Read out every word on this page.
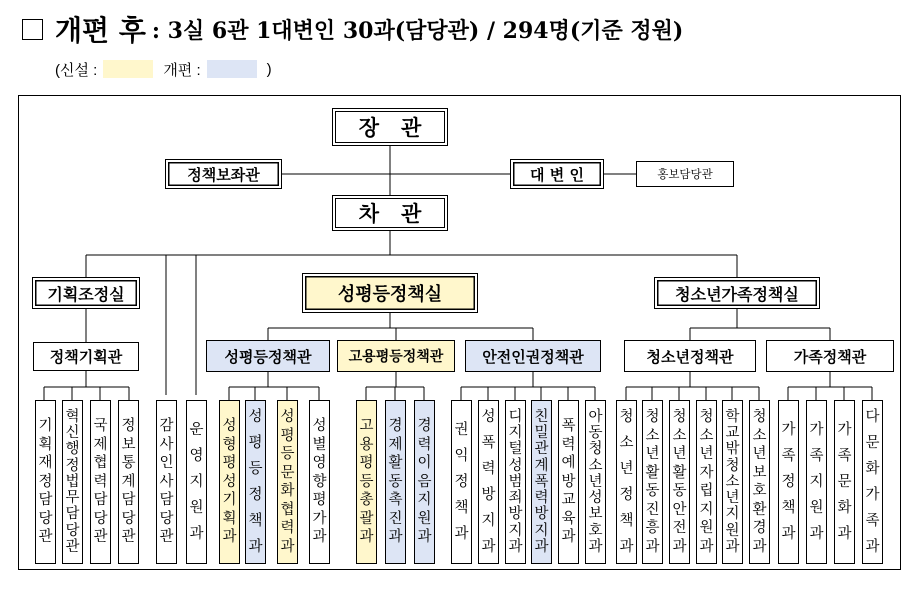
개편 후 : 3실 6관 1대변인 30과(담당관) / 294명(기준 정원)
(신설 :	개편 :	)
장   관
정책보좌관	대 변 인	홍보담당관
차   관
기획조정실	성평등정책실	청소년가족정책실
정책기획관	성평등정책관	고용평등정책관	안전인권정책관	청소년정책관	가족정책관
기
획
재
정
담
당
관
혁
신
행
정
법
무
담
당
관
국
제
협
력
담
당
관
정
보
통
계
담
당
관
감
사
인
사
담
당
관
운
영
지
원
과
성
형
평
성
기
획
과
성
평
등
정
책
과
성
평
등
문
화
협
력
과
성
별
영
향
평
가
과
고
용
평
등
총
괄
과
경
제
활
동
촉
진
과
경
력
이
음
지
원
과
권
익
정
책
과
성
폭
력
방
지
과
디
지
털
성
범
죄
방
지
과
친
밀
관
계
폭
력
방
지
과
폭
력
예
방
교
육
과
아
동
청
소
년
성
보
호
과
청
소
년
정
책
과
청
소
년
활
동
진
흥
과
청
소
년
활
동
안
전
과
청
소
년
자
립
지
원
과
학
교
밖
청
소
년
지
원
과
청
소
년
보
호
환
경
과
가
족
정
책
과
가
족
지
원
과
가
족
문
화
과
다
문
화
가
족
과
